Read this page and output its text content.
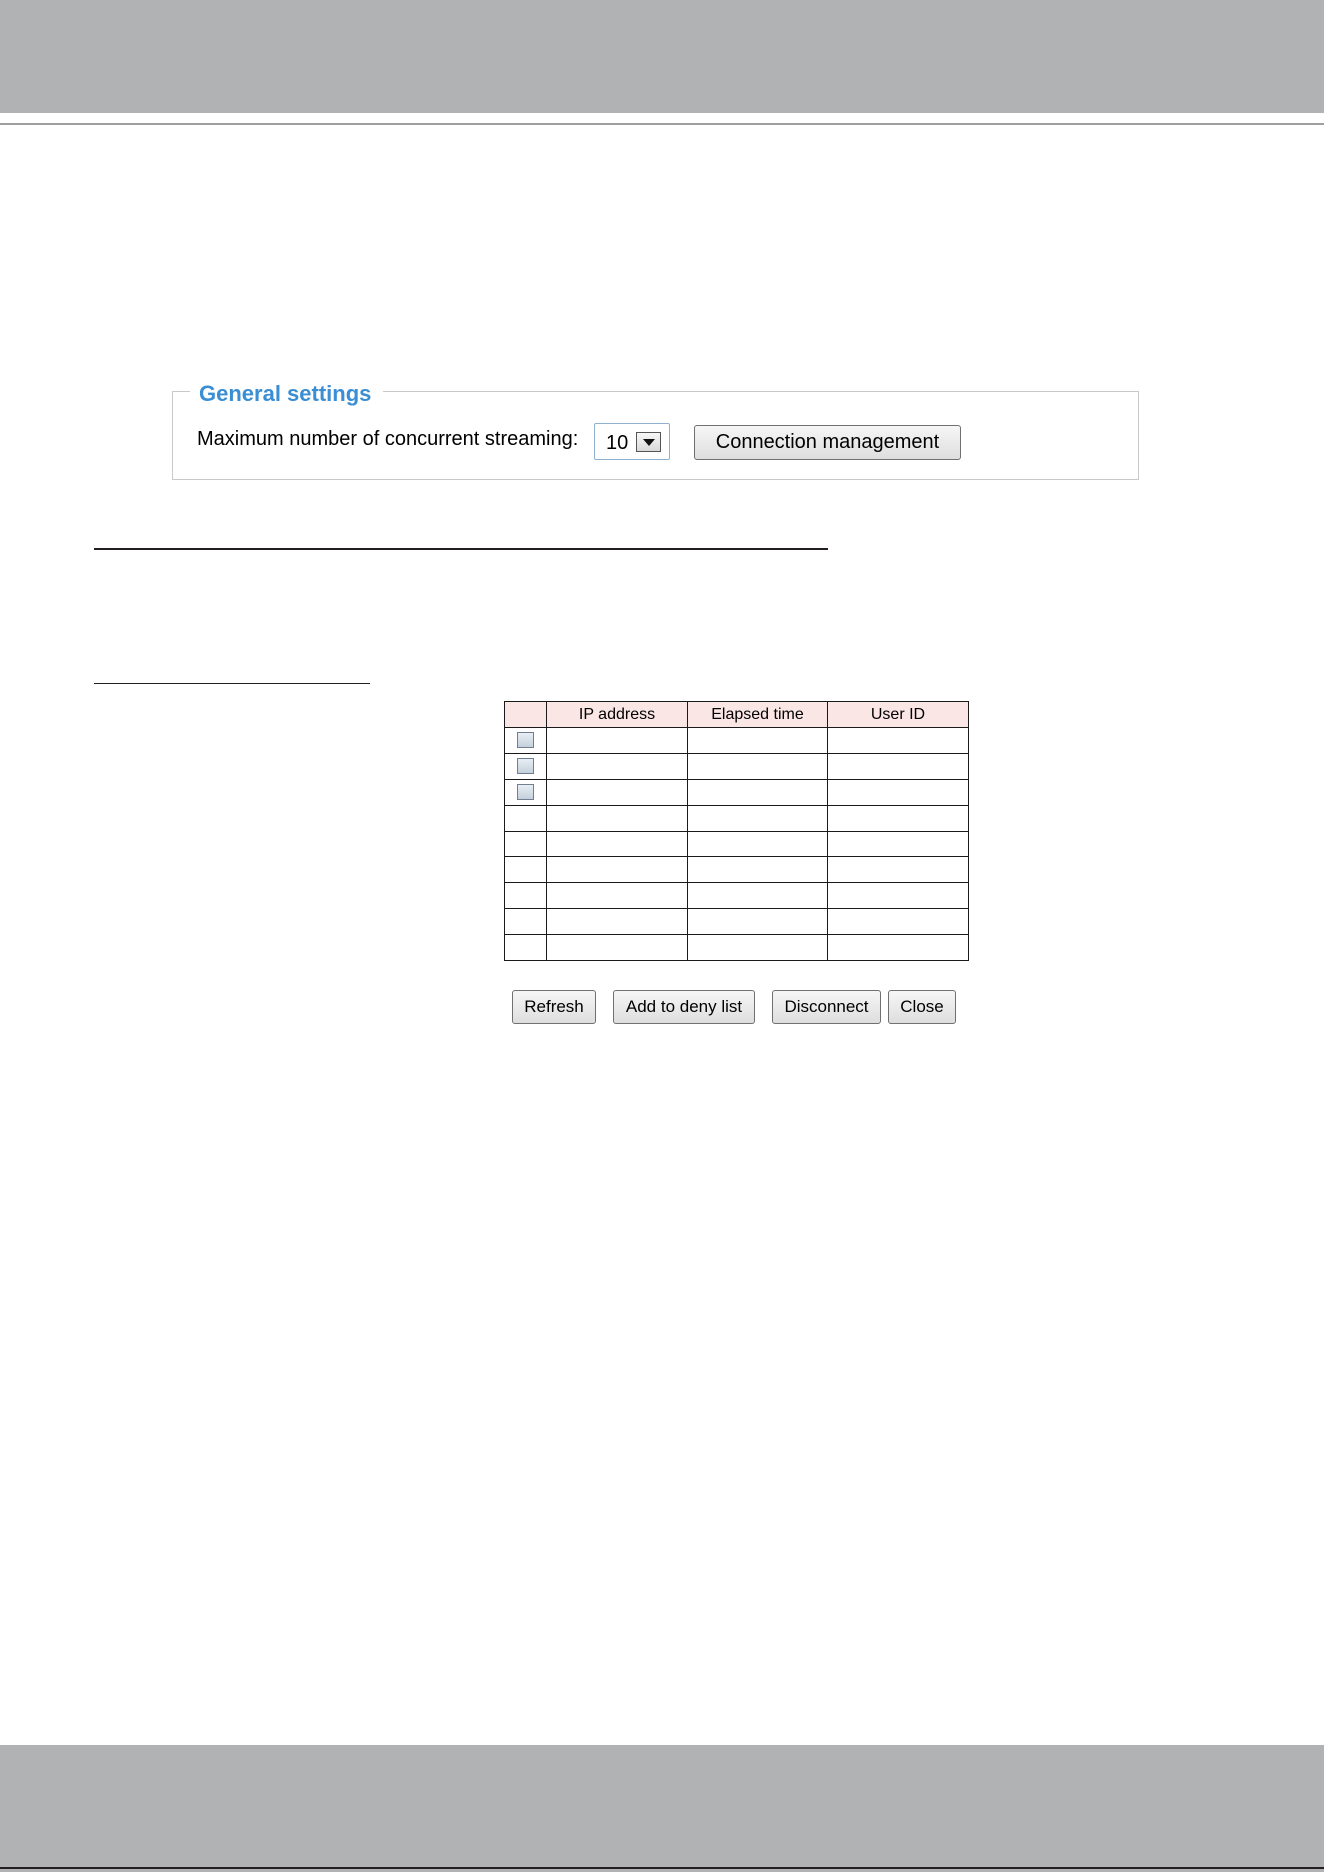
General settings
Maximum number of concurrent streaming: 10	Connection management
	IP address	Elapsed time	User ID

Refresh	Add to deny list	Disconnect	Close
